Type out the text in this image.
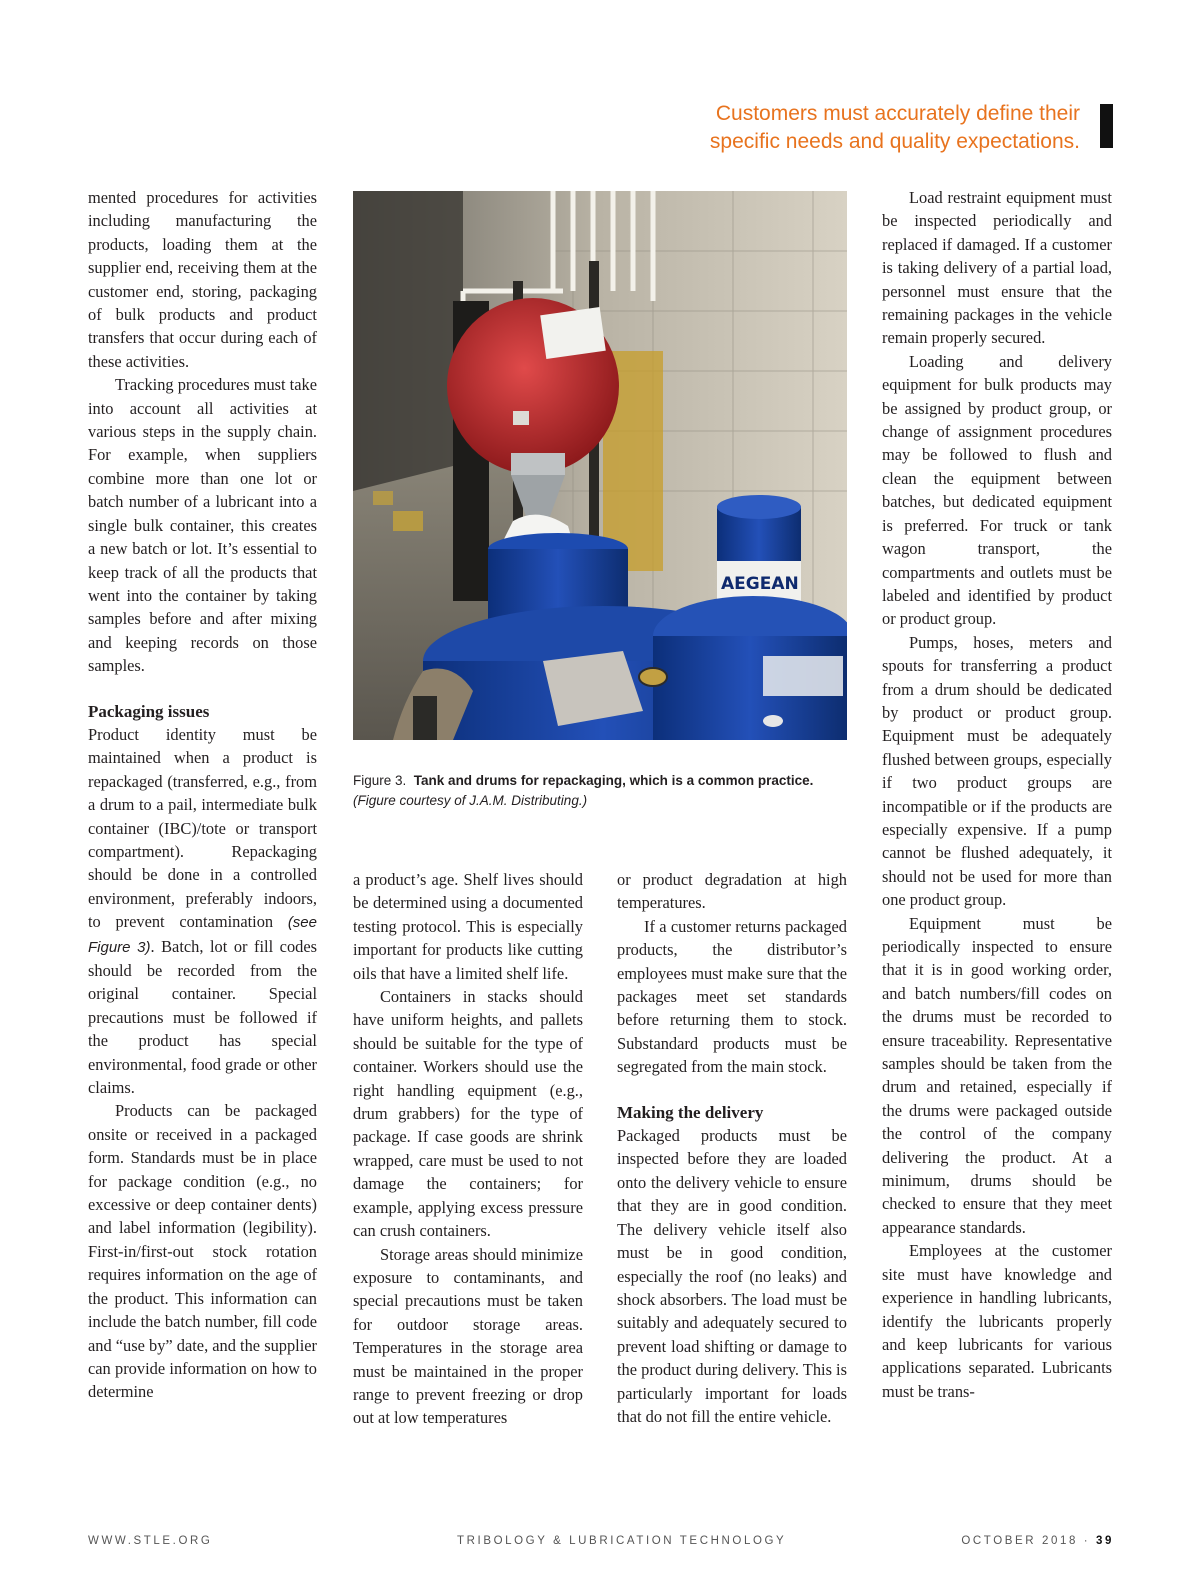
Customers must accurately define their
specific needs and quality expectations.

mented procedures for activities including manufacturing the products, loading them at the supplier end, receiving them at the customer end, storing, packaging of bulk products and product transfers that occur during each of these activities.

Tracking procedures must take into account all activities at various steps in the supply chain. For example, when suppliers combine more than one lot or batch number of a lubricant into a single bulk container, this creates a new batch or lot. It’s essential to keep track of all the products that went into the container by taking samples before and after mixing and keeping records on those samples.

Packaging issues

Product identity must be maintained when a product is repackaged (transferred, e.g., from a drum to a pail, intermediate bulk container (IBC)/tote or transport compartment). Repackaging should be done in a controlled environment, preferably indoors, to prevent contamination (see Figure 3). Batch, lot or fill codes should be recorded from the original container. Special precautions must be followed if the product has special environmental, food grade or other claims.

Products can be packaged onsite or received in a packaged form. Standards must be in place for package condition (e.g., no excessive or deep container dents) and label information (legibility). First-in/first-out stock rotation requires information on the age of the product. This information can include the batch number, fill code and “use by” date, and the supplier can provide information on how to determine

AEGEAN
Figure 3. Tank and drums for repackaging, which is a common practice.
(Figure courtesy of J.A.M. Distributing.)

a product’s age. Shelf lives should be determined using a documented testing protocol. This is especially important for products like cutting oils that have a limited shelf life.

Containers in stacks should have uniform heights, and pallets should be suitable for the type of container. Workers should use the right handling equipment (e.g., drum grabbers) for the type of package. If case goods are shrink wrapped, care must be used to not damage the containers; for example, applying excess pressure can crush containers.

Storage areas should minimize exposure to contaminants, and special precautions must be taken for outdoor storage areas. Temperatures in the storage area must be maintained in the proper range to prevent freezing or drop out at low temperatures

or product degradation at high temperatures.

If a customer returns packaged products, the distributor’s employees must make sure that the packages meet set standards before returning them to stock. Substandard products must be segregated from the main stock.

Making the delivery

Packaged products must be inspected before they are loaded onto the delivery vehicle to ensure that they are in good condition. The delivery vehicle itself also must be in good condition, especially the roof (no leaks) and shock absorbers. The load must be suitably and adequately secured to prevent load shifting or damage to the product during delivery. This is particularly important for loads that do not fill the entire vehicle.

Load restraint equipment must be inspected periodically and replaced if damaged. If a customer is taking delivery of a partial load, personnel must ensure that the remaining packages in the vehicle remain properly secured.

Loading and delivery equipment for bulk products may be assigned by product group, or change of assignment procedures may be followed to flush and clean the equipment between batches, but dedicated equipment is preferred. For truck or tank wagon transport, the compartments and outlets must be labeled and identified by product or product group.

Pumps, hoses, meters and spouts for transferring a product from a drum should be dedicated by product or product group. Equipment must be adequately flushed between groups, especially if two product groups are incompatible or if the products are especially expensive. If a pump cannot be flushed adequately, it should not be used for more than one product group.

Equipment must be periodically inspected to ensure that it is in good working order, and batch numbers/fill codes on the drums must be recorded to ensure traceability. Representative samples should be taken from the drum and retained, especially if the drums were packaged outside the control of the company delivering the product. At a minimum, drums should be checked to ensure that they meet appearance standards.

Employees at the customer site must have knowledge and experience in handling lubricants, identify the lubricants properly and keep lubricants for various applications separated. Lubricants must be trans-

WWW.STLE.ORG	TRIBOLOGY & LUBRICATION TECHNOLOGY	OCTOBER 2018 · 39
